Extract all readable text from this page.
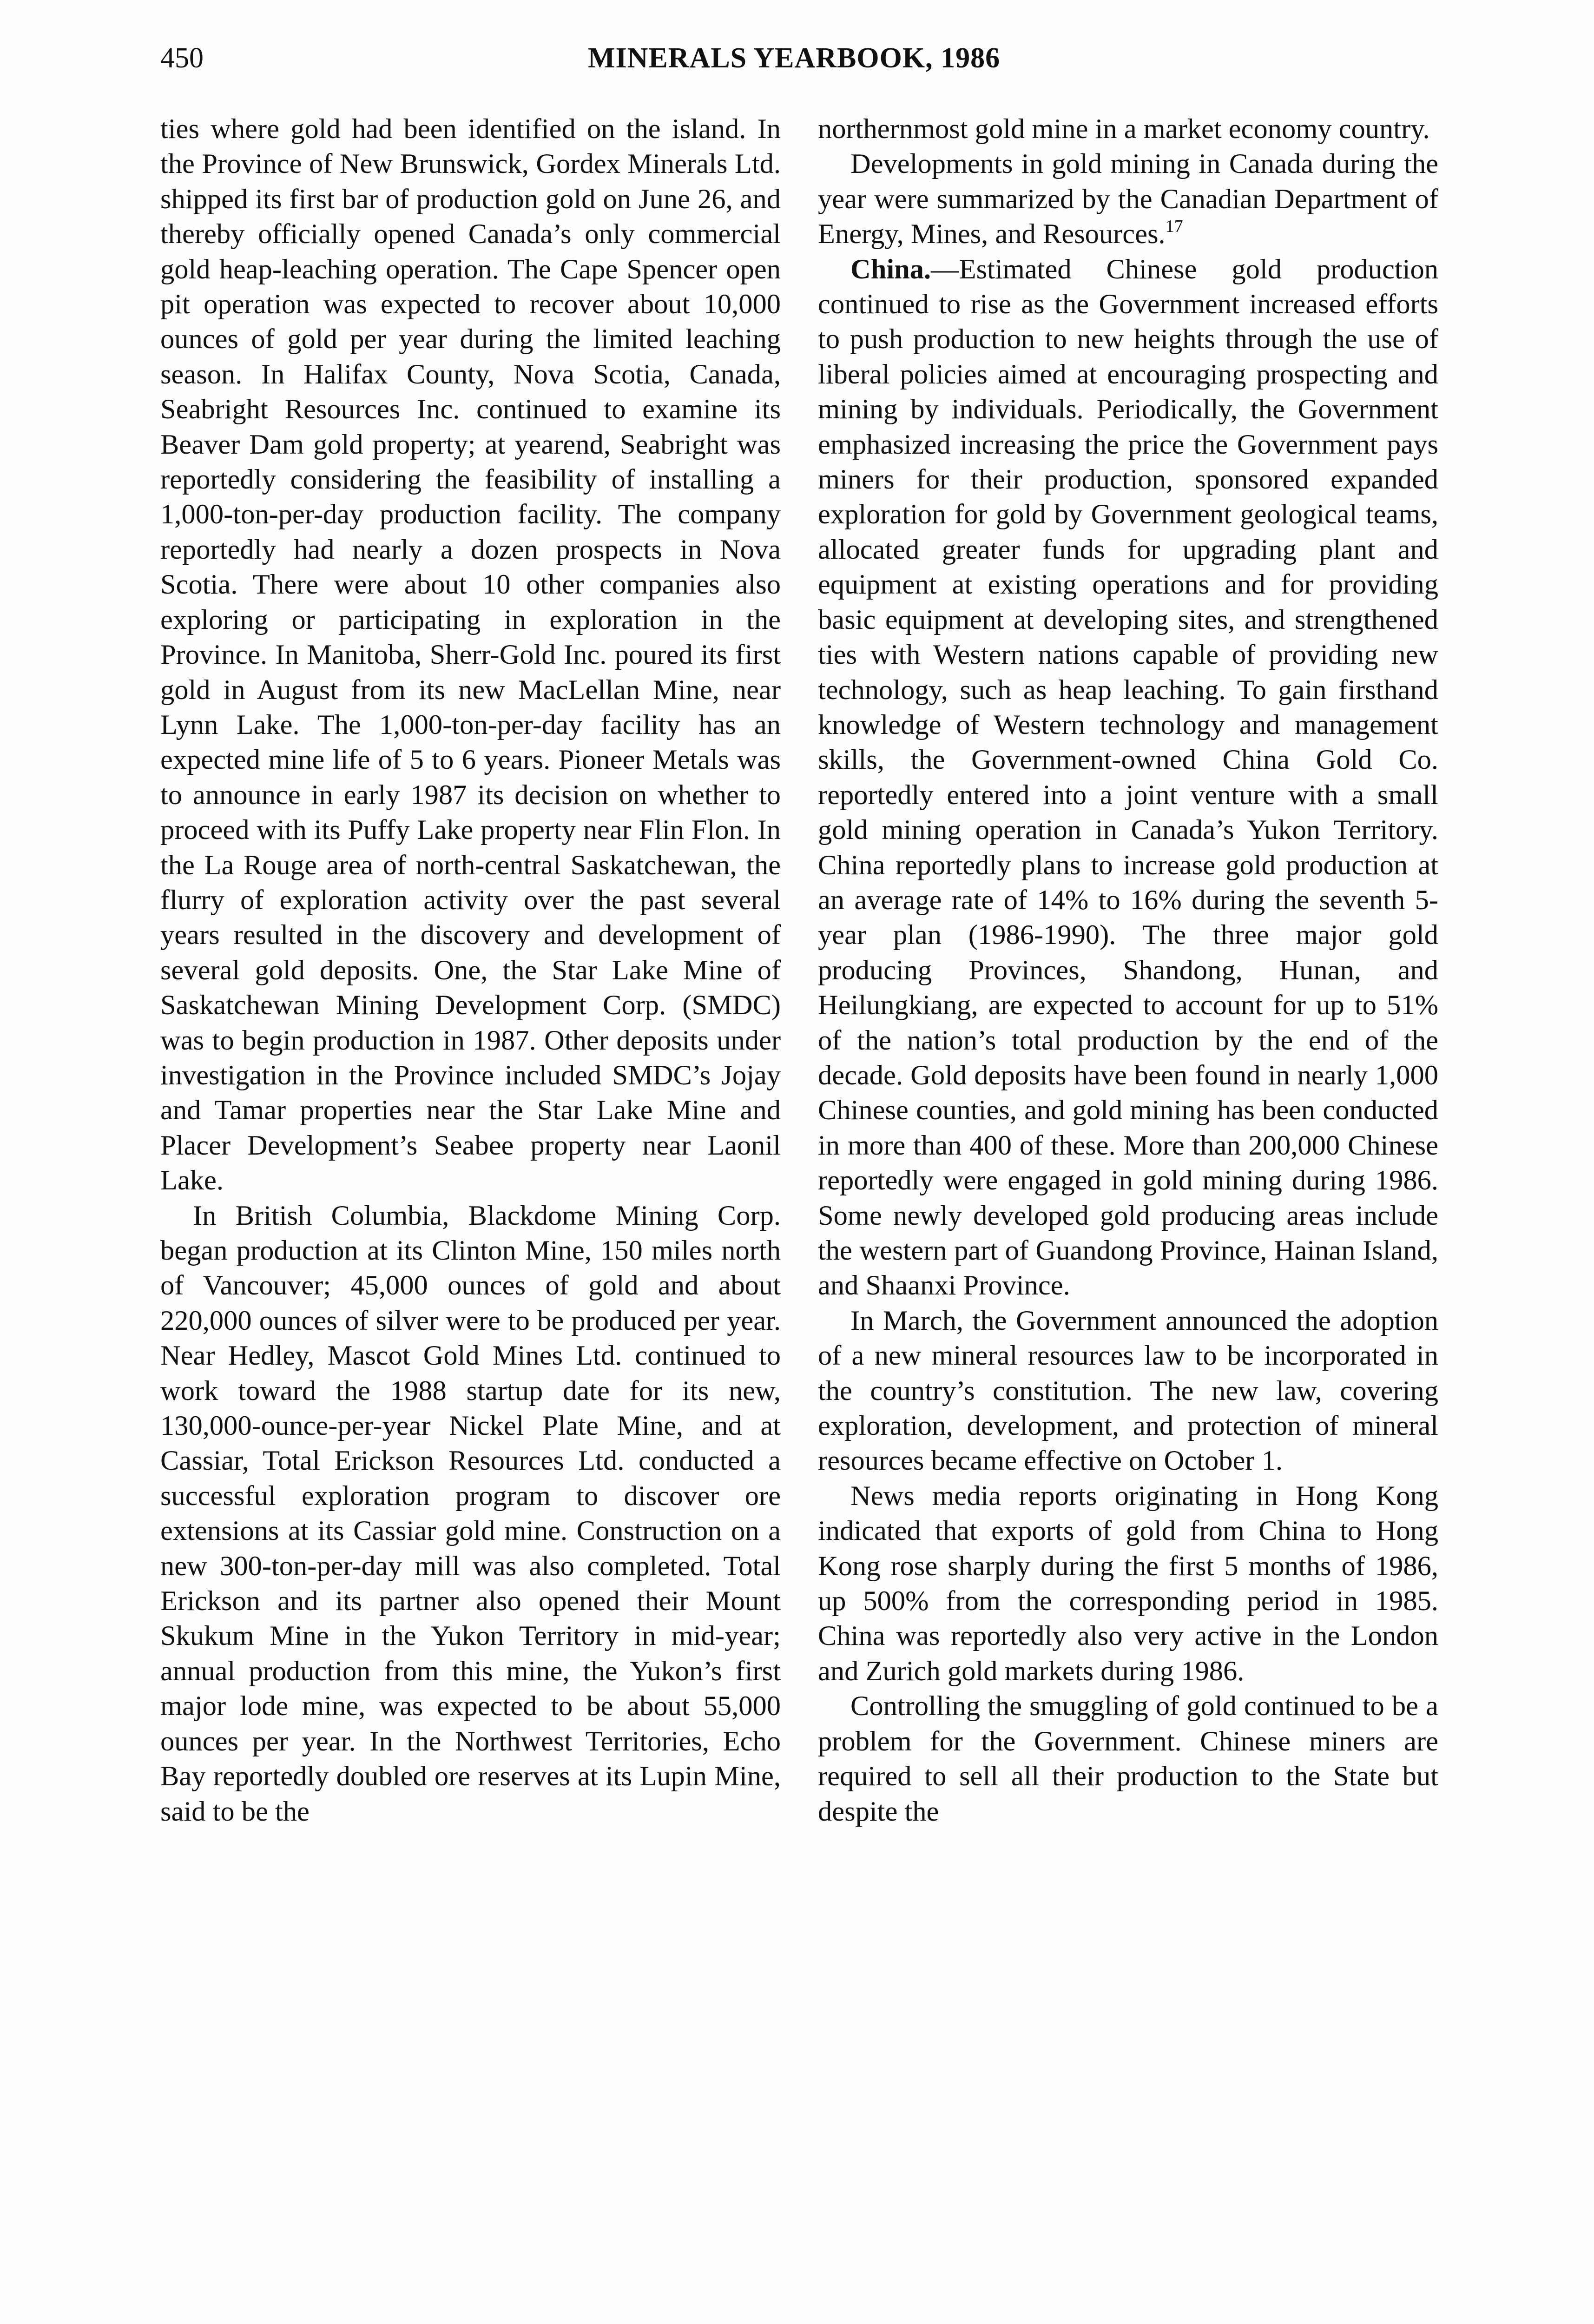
450	MINERALS YEARBOOK, 1986

ties where gold had been identified on the island. In the Province of New Brunswick, Gordex Minerals Ltd. shipped its first bar of production gold on June 26, and thereby officially opened Canada’s only commercial gold heap-leaching operation. The Cape Spencer open pit operation was expected to recover about 10,000 ounces of gold per year during the limited leaching season. In Halifax County, Nova Scotia, Canada, Seabright Resources Inc. continued to examine its Beaver Dam gold property; at yearend, Seabright was reportedly considering the feasibility of installing a 1,000-ton-per-day production facility. The company reportedly had nearly a dozen prospects in Nova Scotia. There were about 10 other companies also exploring or participating in exploration in the Province. In Manitoba, Sherr-Gold Inc. poured its first gold in August from its new MacLellan Mine, near Lynn Lake. The 1,000-ton-per-day facility has an expected mine life of 5 to 6 years. Pioneer Metals was to announce in early 1987 its decision on whether to proceed with its Puffy Lake property near Flin Flon. In the La Rouge area of north-central Saskatchewan, the flurry of exploration activity over the past several years resulted in the discovery and development of several gold deposits. One, the Star Lake Mine of Saskatchewan Mining Development Corp. (SMDC) was to begin production in 1987. Other deposits under investigation in the Province included SMDC’s Jojay and Tamar properties near the Star Lake Mine and Placer Development’s Seabee property near Laonil Lake.

In British Columbia, Blackdome Mining Corp. began production at its Clinton Mine, 150 miles north of Vancouver; 45,000 ounces of gold and about 220,000 ounces of silver were to be produced per year. Near Hedley, Mascot Gold Mines Ltd. continued to work toward the 1988 startup date for its new, 130,000-ounce-per-year Nickel Plate Mine, and at Cassiar, Total Erickson Resources Ltd. conducted a successful exploration program to discover ore extensions at its Cassiar gold mine. Construction on a new 300-ton-per-day mill was also completed. Total Erickson and its partner also opened their Mount Skukum Mine in the Yukon Territory in mid-year; annual production from this mine, the Yukon’s first major lode mine, was expected to be about 55,000 ounces per year. In the Northwest Territories, Echo Bay reportedly doubled ore reserves at its Lupin Mine, said to be the

northernmost gold mine in a market economy country.

Developments in gold mining in Canada during the year were summarized by the Canadian Department of Energy, Mines, and Resources.$^{17}$

China.—Estimated Chinese gold production continued to rise as the Government increased efforts to push production to new heights through the use of liberal policies aimed at encouraging prospecting and mining by individuals. Periodically, the Government emphasized increasing the price the Government pays miners for their production, sponsored expanded exploration for gold by Government geological teams, allocated greater funds for upgrading plant and equipment at existing operations and for providing basic equipment at developing sites, and strengthened ties with Western nations capable of providing new technology, such as heap leaching. To gain firsthand knowledge of Western technology and management skills, the Government-owned China Gold Co. reportedly entered into a joint venture with a small gold mining operation in Canada’s Yukon Territory. China reportedly plans to increase gold production at an average rate of 14% to 16% during the seventh 5-year plan (1986-1990). The three major gold producing Provinces, Shandong, Hunan, and Heilungkiang, are expected to account for up to 51% of the nation’s total production by the end of the decade. Gold deposits have been found in nearly 1,000 Chinese counties, and gold mining has been conducted in more than 400 of these. More than 200,000 Chinese reportedly were engaged in gold mining during 1986. Some newly developed gold producing areas include the western part of Guandong Province, Hainan Island, and Shaanxi Province.

In March, the Government announced the adoption of a new mineral resources law to be incorporated in the country’s constitution. The new law, covering exploration, development, and protection of mineral resources became effective on October 1.

News media reports originating in Hong Kong indicated that exports of gold from China to Hong Kong rose sharply during the first 5 months of 1986, up 500% from the corresponding period in 1985. China was reportedly also very active in the London and Zurich gold markets during 1986.

Controlling the smuggling of gold continued to be a problem for the Government. Chinese miners are required to sell all their production to the State but despite the
